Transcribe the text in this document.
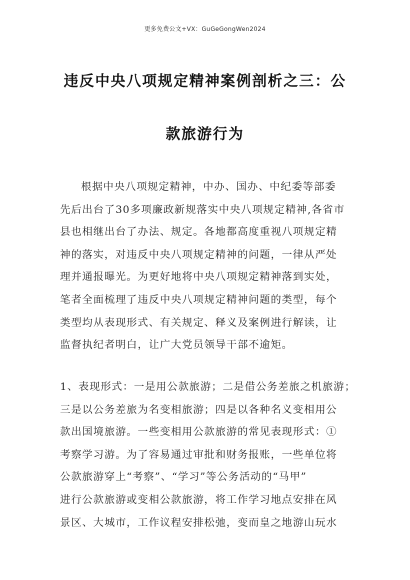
更多免费公文+VX：GuGeGongWen2024
违反中央八项规定精神案例剖析之三：公
款旅游行为
根据中央八项规定精神，中办、国办、中纪委等部委
先后出台了30多项廉政新规落实中央八项规定精神,各省市
县也相继出台了办法、规定。各地都高度重视八项规定精
神的落实，对违反中央八项规定精神的问题，一律从严处
理并通报曝光。为更好地将中央八项规定精神落到实处，
笔者全面梳理了违反中央八项规定精神问题的类型，每个
类型均从表现形式、有关规定、释义及案例进行解读，让
监督执纪者明白，让广大党员领导干部不逾矩。
1、表现形式：一是用公款旅游；二是借公务差旅之机旅游；
三是以公务差旅为名变相旅游；四是以各种名义变相用公
款出国境旅游。一些变相用公款旅游的常见表现形式：①
考察学习游。为了容易通过审批和财务报账，一些单位将
公款旅游穿上“考察”、“学习”等公务活动的“马甲”
进行公款旅游或变相公款旅游，将工作学习地点安排在风
景区、大城市，工作议程安排松弛，变而皇之地游山玩水
